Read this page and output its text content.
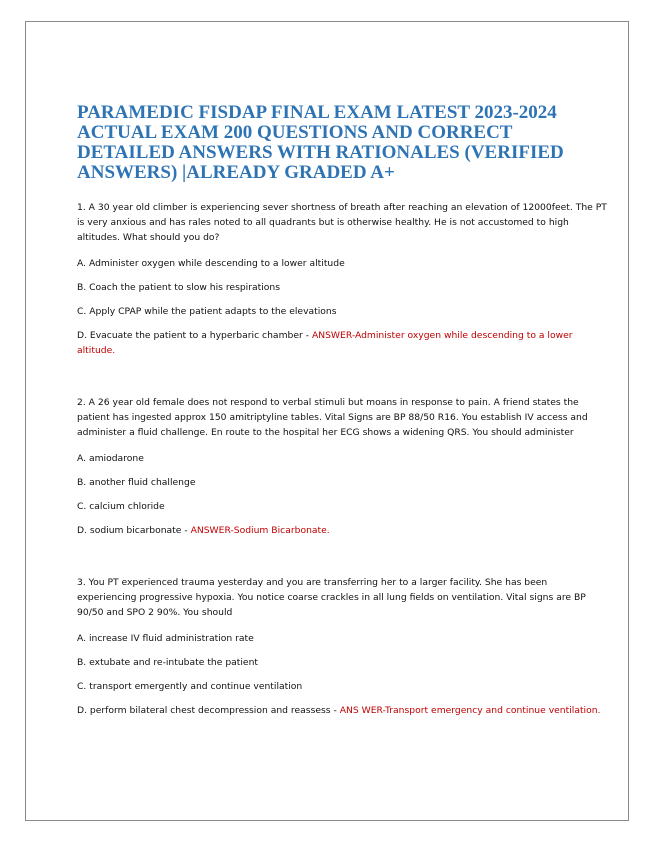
PARAMEDIC FISDAP FINAL EXAM LATEST 2023-2024 ACTUAL EXAM 200 QUESTIONS AND CORRECT DETAILED ANSWERS WITH RATIONALES (VERIFIED ANSWERS) |ALREADY GRADED A+

1. A 30 year old climber is experiencing sever shortness of breath after reaching an elevation of 12000feet. The PT is very anxious and has rales noted to all quadrants but is otherwise healthy. He is not accustomed to high altitudes. What should you do?

A. Administer oxygen while descending to a lower altitude

B. Coach the patient to slow his respirations

C. Apply CPAP while the patient adapts to the elevations

D. Evacuate the patient to a hyperbaric chamber - ANSWER-Administer oxygen while descending to a lower altitude.

2. A 26 year old female does not respond to verbal stimuli but moans in response to pain. A friend states the patient has ingested approx 150 amitriptyline tables. Vital Signs are BP 88/50 R16. You establish IV access and administer a fluid challenge. En route to the hospital her ECG shows a widening QRS. You should administer

A. amiodarone

B. another fluid challenge

C. calcium chloride

D. sodium bicarbonate - ANSWER-Sodium Bicarbonate.

3. You PT experienced trauma yesterday and you are transferring her to a larger facility. She has been experiencing progressive hypoxia. You notice coarse crackles in all lung fields on ventilation. Vital signs are BP 90/50 and SPO 2 90%. You should

A. increase IV fluid administration rate

B. extubate and re-intubate the patient

C. transport emergently and continue ventilation

D. perform bilateral chest decompression and reassess - ANS WER-Transport emergency and continue ventilation.
